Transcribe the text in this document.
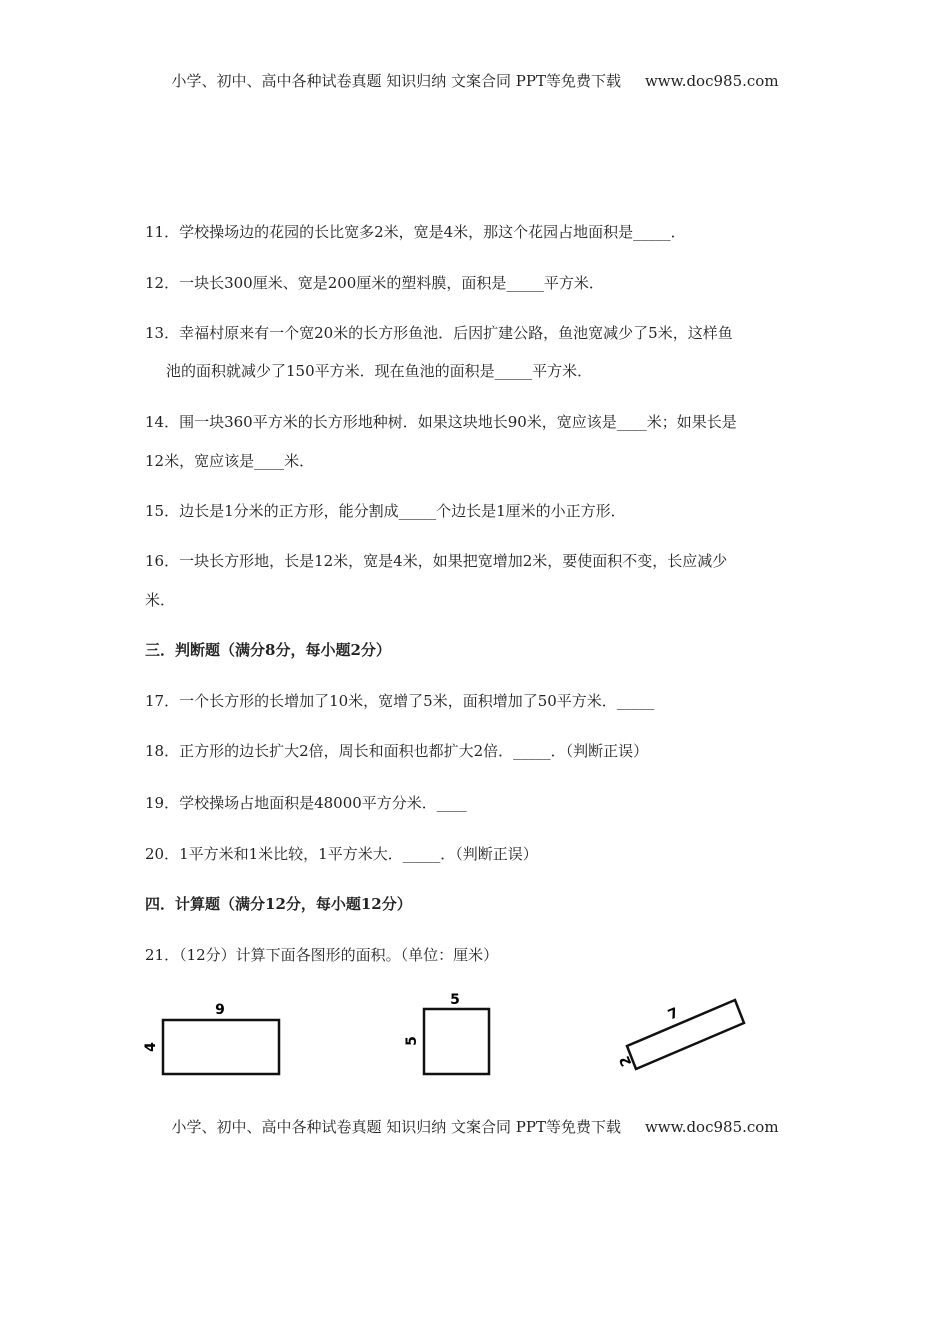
小学、初中、高中各种试卷真题 知识归纳 文案合同 PPT等免费下载 www.doc985.com
11．学校操场边的花园的长比宽多2米，宽是4米，那这个花园占地面积是_____．
12．一块长300厘米、宽是200厘米的塑料膜，面积是_____平方米．
13．幸福村原来有一个宽20米的长方形鱼池．后因扩建公路，鱼池宽减少了5米，这样鱼
池的面积就减少了150平方米．现在鱼池的面积是_____平方米．
14．围一块360平方米的长方形地种树．如果这块地长90米，宽应该是____米；如果长是
12米，宽应该是____米．
15．边长是1分米的正方形，能分割成_____个边长是1厘米的小正方形．
16．一块长方形地，长是12米，宽是4米，如果把宽增加2米，要使面积不变，长应减少
米．
三．判断题（满分8分，每小题2分）
17．一个长方形的长增加了10米，宽增了5米，面积增加了50平方米．_____
18．正方形的边长扩大2倍，周长和面积也都扩大2倍．_____．（判断正误）
19．学校操场占地面积是48000平方分米．____
20．1平方米和1米比较，1平方米大．_____．（判断正误）
四．计算题（满分12分，每小题12分）
21．（12分）计算下面各图形的面积。（单位：厘米）
9
4
5
5
7
2
小学、初中、高中各种试卷真题 知识归纳 文案合同 PPT等免费下载 www.doc985.com
